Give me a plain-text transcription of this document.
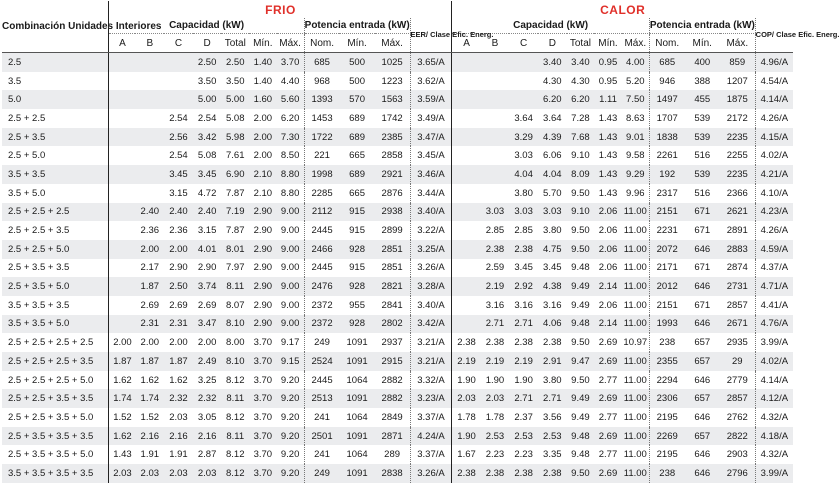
Combinación Unidades Interiores	FRIO											CALOR										
	Capacidad (kW)							Potencia entrada (kW)			EER/ Clase Efic. Energ.	Capacidad (kW)							Potencia entrada (kW)			COP/ Clase Efic. Energ.
	A	B	C	D	Total	Mín.	Máx.	Nom.	Mín.	Máx.		A	B	C	D	Total	Mín.	Máx.	Nom.	Mín.	Máx.	
2.5				2.50	2.50	1.40	3.70	685	500	1025	3.65/A				3.40	3.40	0.95	4.00	685	400	859	4.96/A
3.5				3.50	3.50	1.40	4.40	968	500	1223	3.62/A				4.30	4.30	0.95	5.20	946	388	1207	4.54/A
5.0				5.00	5.00	1.60	5.60	1393	570	1563	3.59/A				6.20	6.20	1.11	7.50	1497	455	1875	4.14/A
2.5 + 2.5			2.54	2.54	5.08	2.00	6.20	1453	689	1742	3.49/A			3.64	3.64	7.28	1.43	8.63	1707	539	2172	4.26/A
2.5 + 3.5			2.56	3.42	5.98	2.00	7.30	1722	689	2385	3.47/A			3.29	4.39	7.68	1.43	9.01	1838	539	2235	4.15/A
2.5 + 5.0			2.54	5.08	7.61	2.00	8.50	221	665	2858	3.45/A			3.03	6.06	9.10	1.43	9.58	2261	516	2255	4.02/A
3.5 + 3.5			3.45	3.45	6.90	2.10	8.80	1998	689	2921	3.46/A			4.04	4.04	8.09	1.43	9.29	192	539	2235	4.21/A
3.5 + 5.0			3.15	4.72	7.87	2.10	8.80	2285	665	2876	3.44/A			3.80	5.70	9.50	1.43	9.96	2317	516	2366	4.10/A
2.5 + 2.5 + 2.5		2.40	2.40	2.40	7.19	2.90	9.00	2112	915	2938	3.40/A		3.03	3.03	3.03	9.10	2.06	11.00	2151	671	2621	4.23/A
2.5 + 2.5 + 3.5		2.36	2.36	3.15	7.87	2.90	9.00	2445	915	2899	3.22/A		2.85	2.85	3.80	9.50	2.06	11.00	2231	671	2891	4.26/A
2.5 + 2.5 + 5.0		2.00	2.00	4.01	8.01	2.90	9.00	2466	928	2851	3.25/A		2.38	2.38	4.75	9.50	2.06	11.00	2072	646	2883	4.59/A
2.5 + 3.5 + 3.5		2.17	2.90	2.90	7.97	2.90	9.00	2445	915	2851	3.26/A		2.59	3.45	3.45	9.48	2.06	11.00	2171	671	2874	4.37/A
2.5 + 3.5 + 5.0		1.87	2.50	3.74	8.11	2.90	9.00	2476	928	2821	3.28/A		2.19	2.92	4.38	9.49	2.14	11.00	2012	646	2731	4.71/A
3.5 + 3.5 + 3.5		2.69	2.69	2.69	8.07	2.90	9.00	2372	955	2841	3.40/A		3.16	3.16	3.16	9.49	2.06	11.00	2151	671	2857	4.41/A
3.5 + 3.5 + 5.0		2.31	2.31	3.47	8.10	2.90	9.00	2372	928	2802	3.42/A		2.71	2.71	4.06	9.48	2.14	11.00	1993	646	2671	4.76/A
2.5 + 2.5 + 2.5 + 2.5	2.00	2.00	2.00	2.00	8.00	3.70	9.17	249	1091	2937	3.21/A	2.38	2.38	2.38	2.38	9.50	2.69	10.97	238	657	2935	3.99/A
2.5 + 2.5 + 2.5 + 3.5	1.87	1.87	1.87	2.49	8.10	3.70	9.15	2524	1091	2915	3.21/A	2.19	2.19	2.19	2.91	9.47	2.69	11.00	2355	657	29	4.02/A
2.5 + 2.5 + 2.5 + 5.0	1.62	1.62	1.62	3.25	8.12	3.70	9.20	2445	1064	2882	3.32/A	1.90	1.90	1.90	3.80	9.50	2.77	11.00	2294	646	2779	4.14/A
2.5 + 2.5 + 3.5 + 3.5	1.74	1.74	2.32	2.32	8.11	3.70	9.20	2513	1091	2882	3.23/A	2.03	2.03	2.71	2.71	9.49	2.69	11.00	2306	657	2857	4.12/A
2.5 + 2.5 + 3.5 + 5.0	1.52	1.52	2.03	3.05	8.12	3.70	9.20	241	1064	2849	3.37/A	1.78	1.78	2.37	3.56	9.49	2.77	11.00	2195	646	2762	4.32/A
2.5 + 3.5 + 3.5 + 3.5	1.62	2.16	2.16	2.16	8.11	3.70	9.20	2501	1091	2871	4.24/A	1.90	2.53	2.53	2.53	9.48	2.69	11.00	2269	657	2822	4.18/A
2.5 + 3.5 + 3.5 + 5.0	1.43	1.91	1.91	2.87	8.12	3.70	9.20	241	1064	289	3.37/A	1.67	2.23	2.23	3.35	9.48	2.77	11.00	2195	646	2903	4.32/A
3.5 + 3.5 + 3.5 + 3.5	2.03	2.03	2.03	2.03	8.12	3.70	9.20	249	1091	2838	3.26/A	2.38	2.38	2.38	2.38	9.50	2.69	11.00	238	646	2796	3.99/A
